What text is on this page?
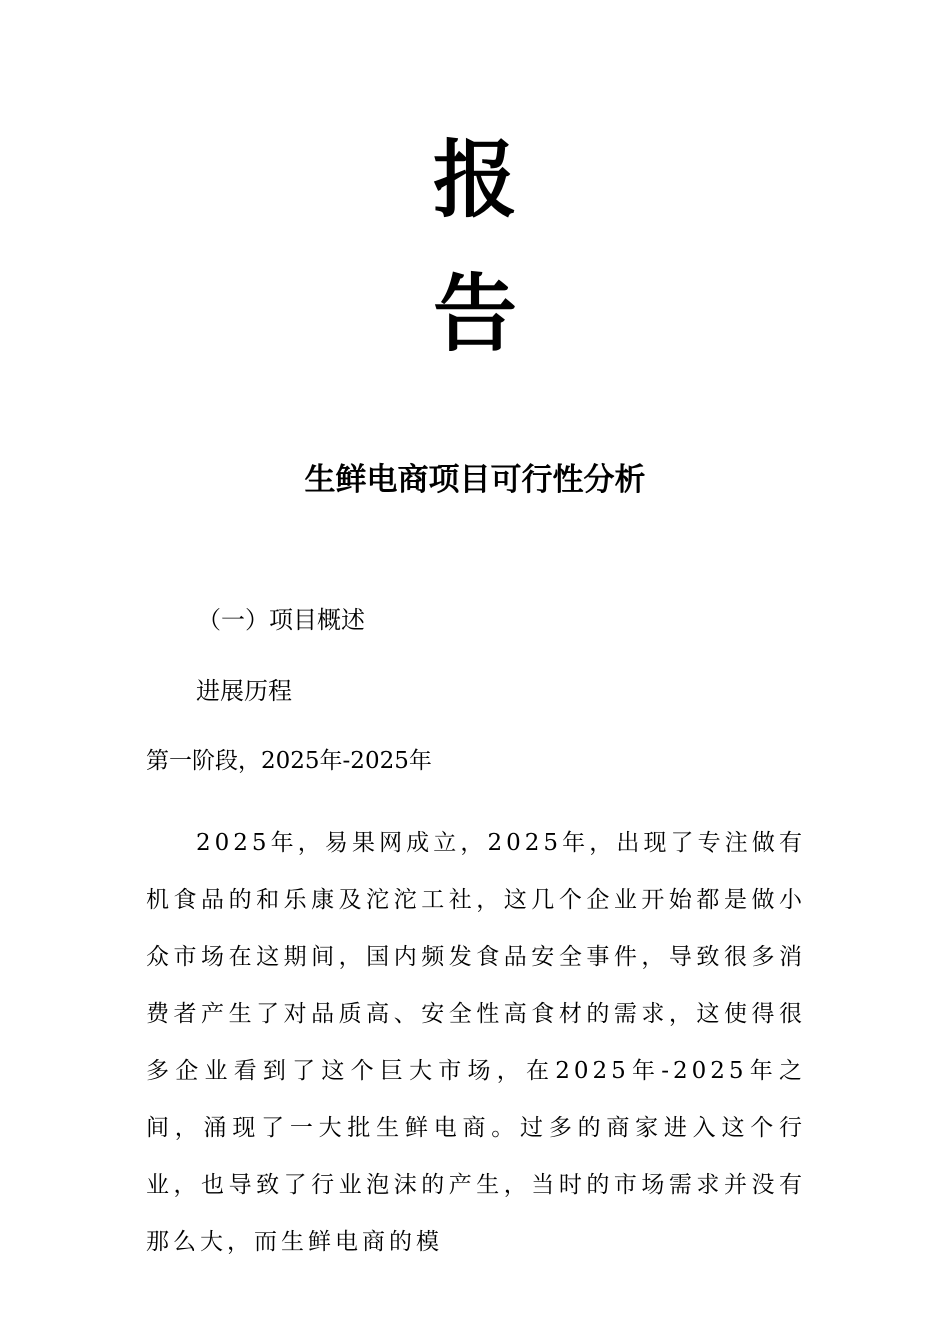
报
告
生鲜电商项目可行性分析
（一）项目概述
进展历程
第一阶段，2025年-2025年

2025年，易果网成立，2025年，出现了专注做有机食品的和乐康及沱沱工社，这几个企业开始都是做小众市场在这期间，国内频发食品安全事件，导致很多消费者产生了对品质高、安全性高食材的需求，这使得很多企业看到了这个巨大市场，在2025年-2025年之间，涌现了一大批生鲜电商。过多的商家进入这个行业，也导致了行业泡沫的产生，当时的市场需求并没有那么大，而生鲜电商的模
